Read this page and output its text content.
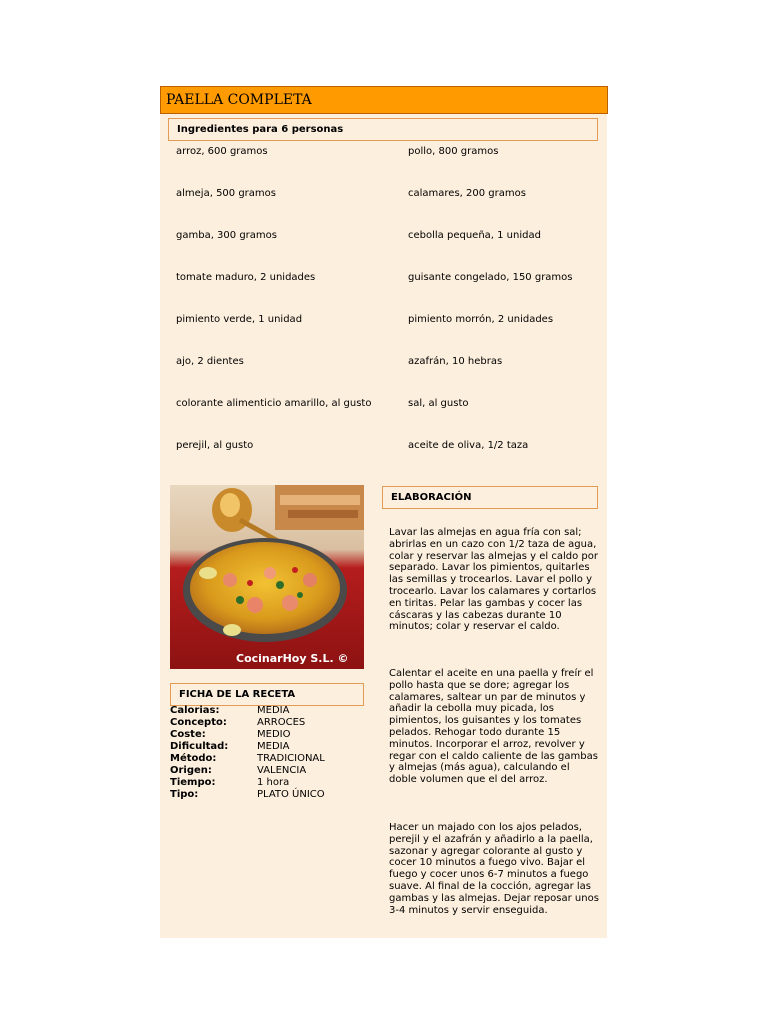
PAELLA COMPLETA
Ingredientes para 6 personas
arroz, 600 gramos	pollo, 800 gramos
almeja, 500 gramos	calamares, 200 gramos
gamba, 300 gramos	cebolla pequeña, 1 unidad
tomate maduro, 2 unidades	guisante congelado, 150 gramos
pimiento verde, 1 unidad	pimiento morrón, 2 unidades
ajo, 2 dientes	azafrán, 10 hebras
colorante alimenticio amarillo, al gusto	sal, al gusto
perejil, al gusto	aceite de oliva, 1/2 taza
CocinarHoy S.L. ©
FICHA DE LA RECETA
Calorias:	MEDIA
Concepto:	ARROCES
Coste:	MEDIO
Dificultad:	MEDIA
Método:	TRADICIONAL
Origen:	VALENCIA
Tiempo:	1 hora
Tipo:	PLATO ÚNICO
ELABORACIÓN
Lavar las almejas en agua fría con sal; abrirlas en un cazo con 1/2 taza de agua, colar y reservar las almejas y el caldo por separado. Lavar los pimientos, quitarles las semillas y trocearlos. Lavar el pollo y trocearlo. Lavar los calamares y cortarlos en tiritas. Pelar las gambas y cocer las cáscaras y las cabezas durante 10 minutos; colar y reservar el caldo.
Calentar el aceite en una paella y freír el pollo hasta que se dore; agregar los calamares, saltear un par de minutos y añadir la cebolla muy picada, los pimientos, los guisantes y los tomates pelados. Rehogar todo durante 15 minutos. Incorporar el arroz, revolver y regar con el caldo caliente de las gambas y almejas (más agua), calculando el doble volumen que el del arroz.
Hacer un majado con los ajos pelados, perejil y el azafrán y añadirlo a la paella, sazonar y agregar colorante al gusto y cocer 10 minutos a fuego vivo. Bajar el fuego y cocer unos 6-7 minutos a fuego suave. Al final de la cocción, agregar las gambas y las almejas. Dejar reposar unos 3-4 minutos y servir enseguida.
